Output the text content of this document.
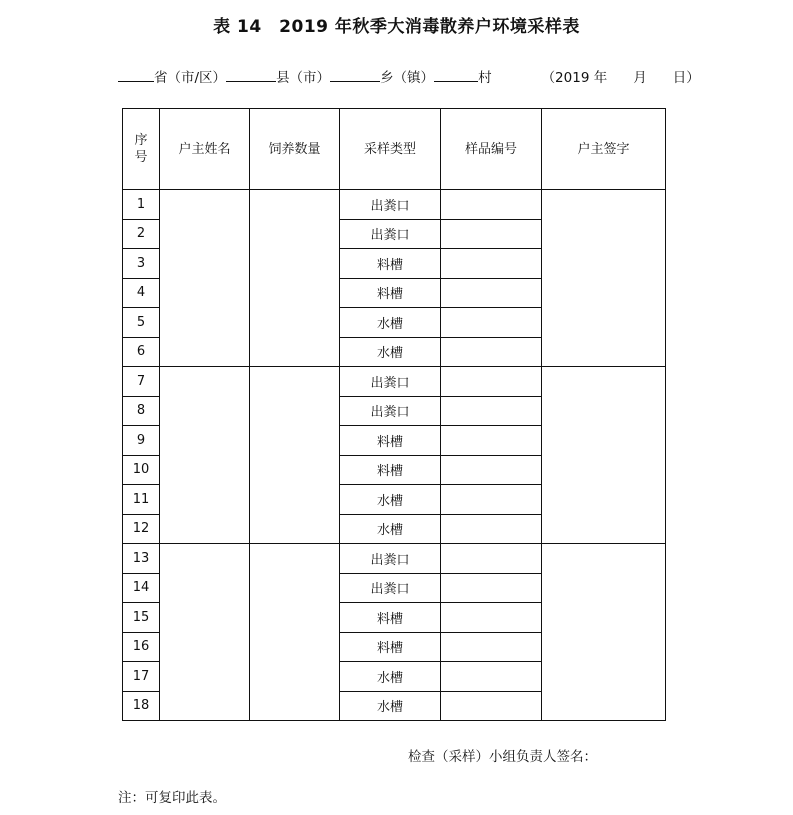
表 14　2019 年秋季大消毒散养户环境采样表
省（市/区）	县（市）	乡（镇）	村	（2019 年 月 日）
序
号	户主姓名	饲养数量	采样类型	样品编号	户主签字
1			出粪口		
2			出粪口		
3			料槽		
4			料槽		
5			水槽		
6			水槽		
7			出粪口		
8			出粪口		
9			料槽		
10			料槽		
11			水槽		
12			水槽		
13			出粪口		
14			出粪口		
15			料槽		
16			料槽		
17			水槽		
18			水槽		
检查（采样）小组负责人签名：
注：可复印此表。
